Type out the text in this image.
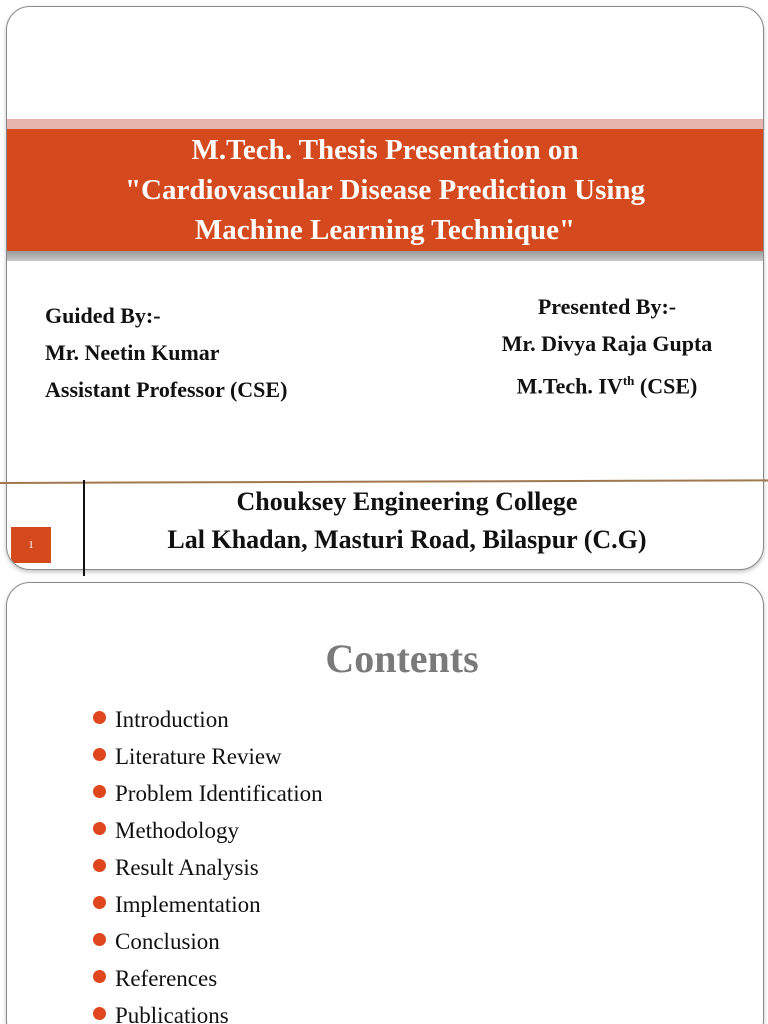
M.Tech. Thesis Presentation on
"Cardiovascular Disease Prediction Using
Machine Learning Technique"
Guided By:-
Mr. Neetin Kumar
Assistant Professor (CSE)
Presented By:-
Mr. Divya Raja Gupta
M.Tech. IVth (CSE)
Chouksey Engineering College
Lal Khadan, Masturi Road, Bilaspur (C.G)
1
Contents
Introduction
Literature Review
Problem Identification
Methodology
Result Analysis
Implementation
Conclusion
References
Publications
